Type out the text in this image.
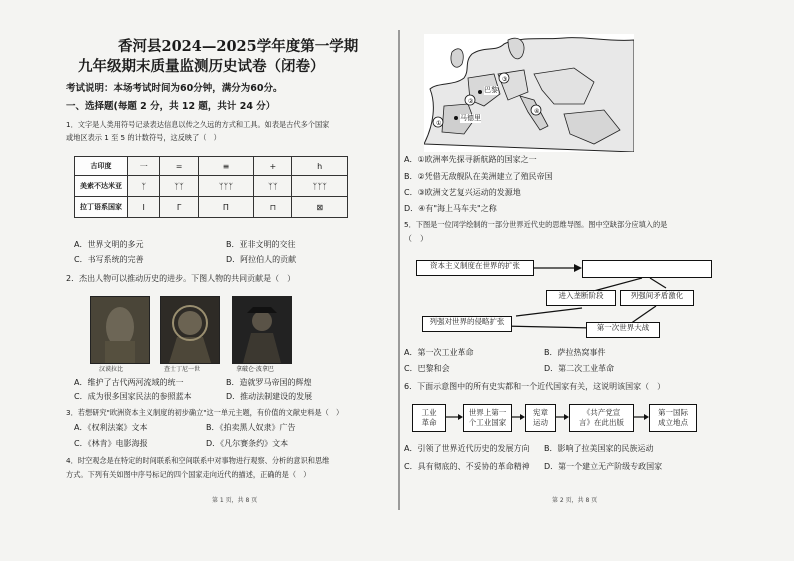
香河县2024—2025学年度第一学期
九年级期末质量监测历史试卷（闭卷）
考试说明：本场考试时间为60分钟，满分为60分。
一、选择题(每题 2 分，共 12 题，共计 24 分）
1．文字是人类用符号记录表达信息以传之久远的方式和工具。如表是古代多个国家
或地区表示 1 至 5 的计数符号，这反映了（　）
古印度	一	=	≡	+	h
美索不达米亚	ᛉ	ᛉᛉ	ᛉᛉᛉ	ᛉᛉ	ᛉᛉᛉ
拉丁语系国家	I	Γ	Π	⊓	⊠
A．世界文明的多元	B．亚非文明的交往
C．书写系统的完善	D．阿拉伯人的贡献
2．杰出人物可以推动历史的进步。下图人物的共同贡献是（　）
汉谟拉比	查士丁尼一世	拿破仑·波拿巴
A．维护了古代两河流域的统一	B．造就罗马帝国的辉煌
C．成为很多国家民法的参照蓝本	D．推动法制建设的发展
3．若想研究"欧洲资本主义制度的初步确立"这一单元主题，有价值的文献史料是（　）
A．《权利法案》文本	B．《拍卖黑人奴隶》广告
C．《林肯》电影海报	D．《凡尔赛条约》文本
4．时空观念是在特定的时间联系和空间联系中对事物进行观察、分析的意识和思维
方式。下列有关如图中序号标记的四个国家走向近代的描述，正确的是（　）
第 1 页，共 8 页
③
④
①
②
巴黎
马德里
A．①欧洲率先探寻新航路的国家之一
B．②凭借无敌舰队在美洲建立了殖民帝国
C．③欧洲文艺复兴运动的发源地
D．④有"海上马车夫"之称
5．下图是一位同学绘制的一部分世界近代史的思维导图。图中空缺部分应填入的是
（　）
资本主义制度在世界的扩张
进入垄断阶段	列强间矛盾激化
列强对世界的侵略扩张
第一次世界大战
A．第一次工业革命	B．萨拉热窝事件
C．巴黎和会	D．第二次工业革命
6．下面示意图中的所有史实都和一个近代国家有关，这说明该国家（　）
工业
革命
世界上第一
个工业国家
宪章
运动
《共产党宣
言》在此出版
第一国际
成立地点
A．引领了世界近代历史的发展方向 B．影响了拉美国家的民族运动
C．具有彻底的、不妥协的革命精神 D．第一个建立无产阶级专政国家
第 2 页，共 8 页
